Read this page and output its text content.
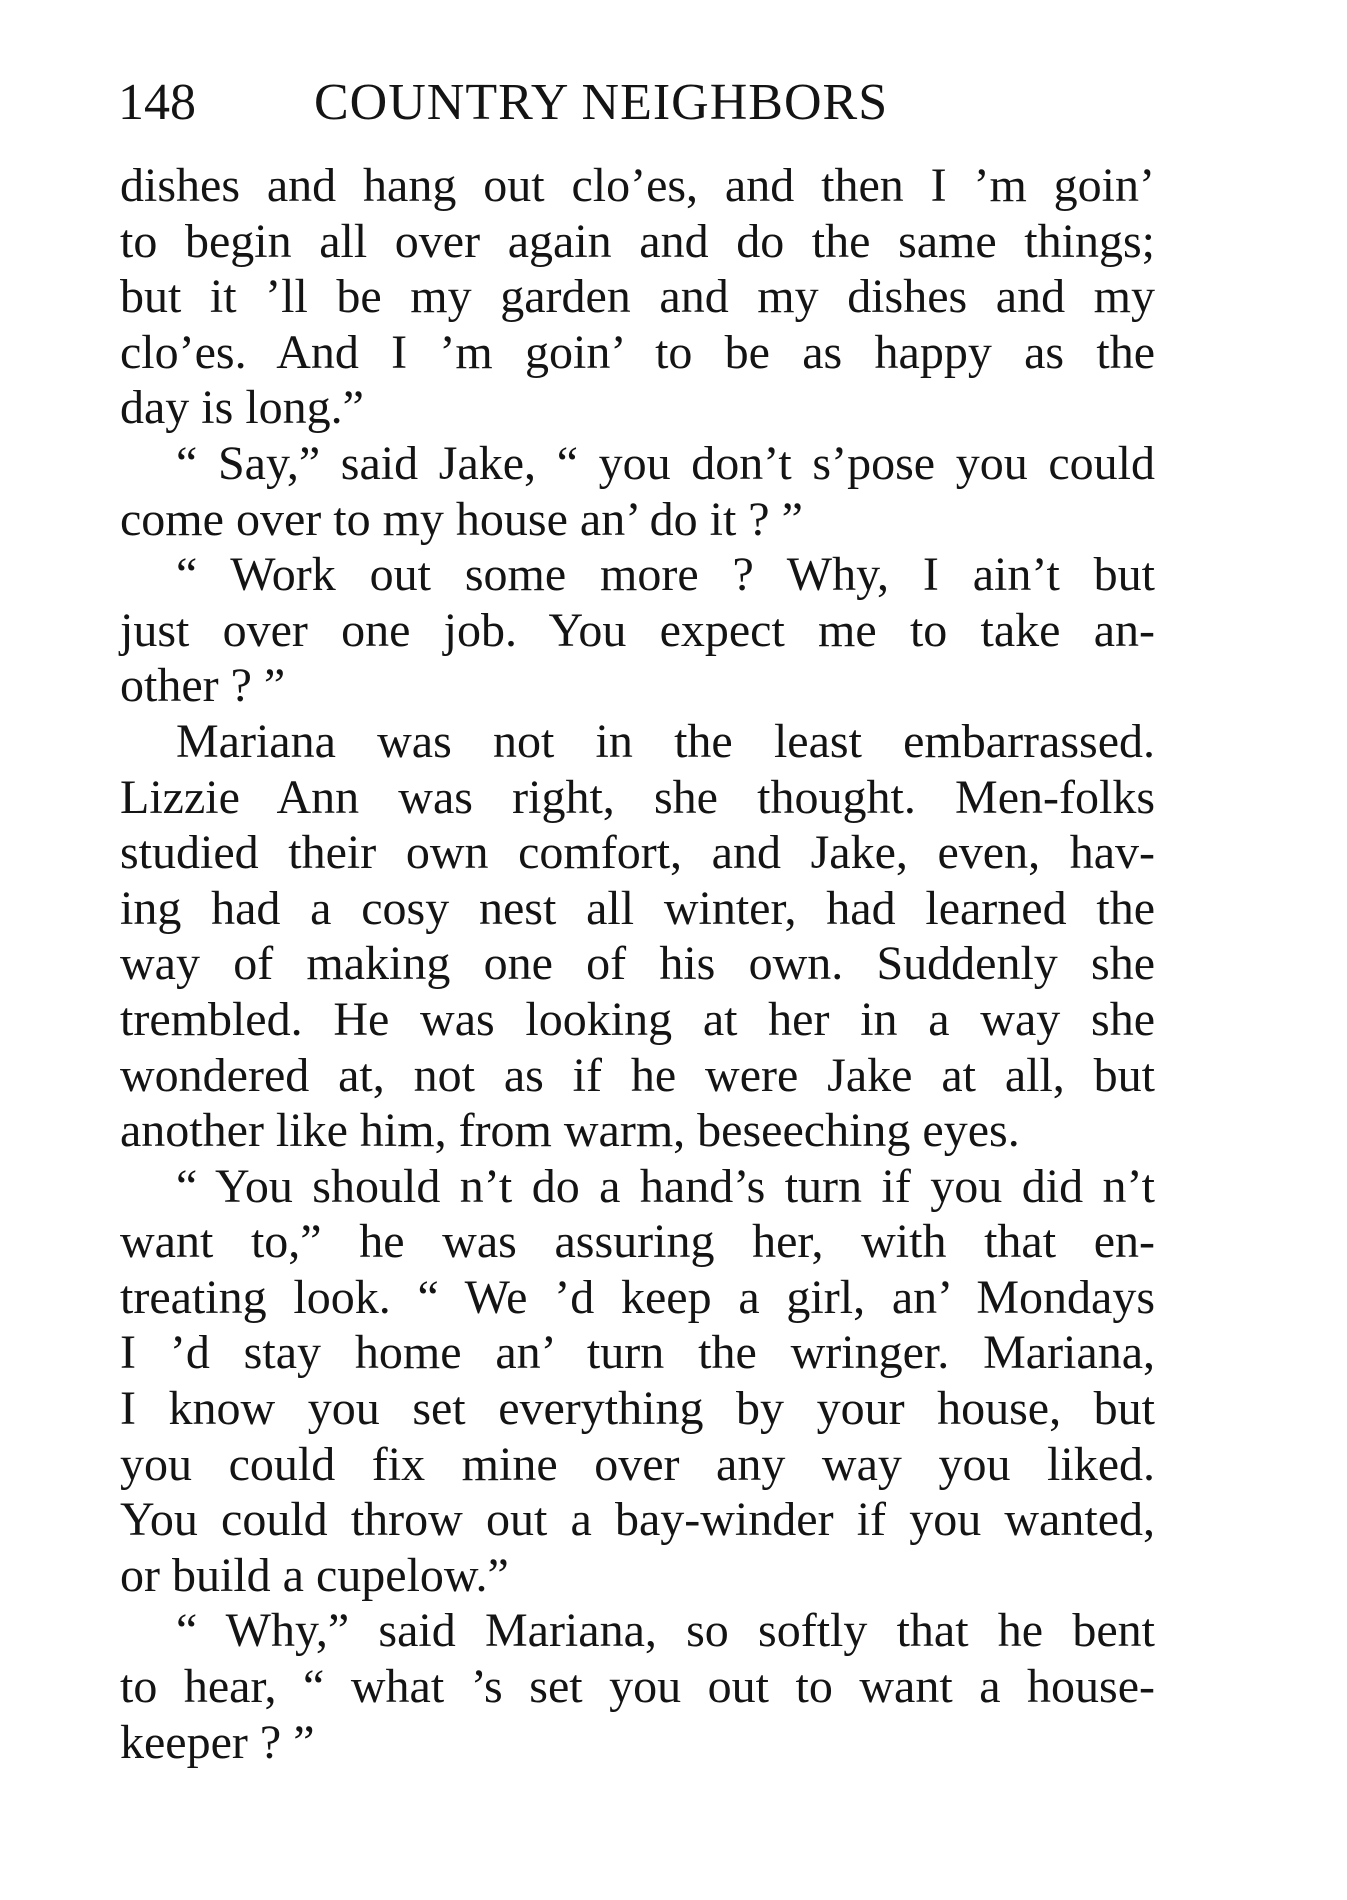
148 COUNTRY NEIGHBORS
dishes and hang out clo’es, and then I ’m goin’
to begin all over again and do the same things;
but it ’ll be my garden and my dishes and my
clo’es. And I ’m goin’ to be as happy as the
day is long.”
“ Say,” said Jake, “ you don’t s’pose you could
come over to my house an’ do it ? ”
“ Work out some more ? Why, I ain’t but
just over one job. You expect me to take an-
other ? ”
Mariana was not in the least embarrassed.
Lizzie Ann was right, she thought. Men-folks
studied their own comfort, and Jake, even, hav-
ing had a cosy nest all winter, had learned the
way of making one of his own. Suddenly she
trembled. He was looking at her in a way she
wondered at, not as if he were Jake at all, but
another like him, from warm, beseeching eyes.
“ You should n’t do a hand’s turn if you did n’t
want to,” he was assuring her, with that en-
treating look. “ We ’d keep a girl, an’ Mondays
I ’d stay home an’ turn the wringer. Mariana,
I know you set everything by your house, but
you could fix mine over any way you liked.
You could throw out a bay-winder if you wanted,
or build a cupelow.”
“ Why,” said Mariana, so softly that he bent
to hear, “ what ’s set you out to want a house-
keeper ? ”
